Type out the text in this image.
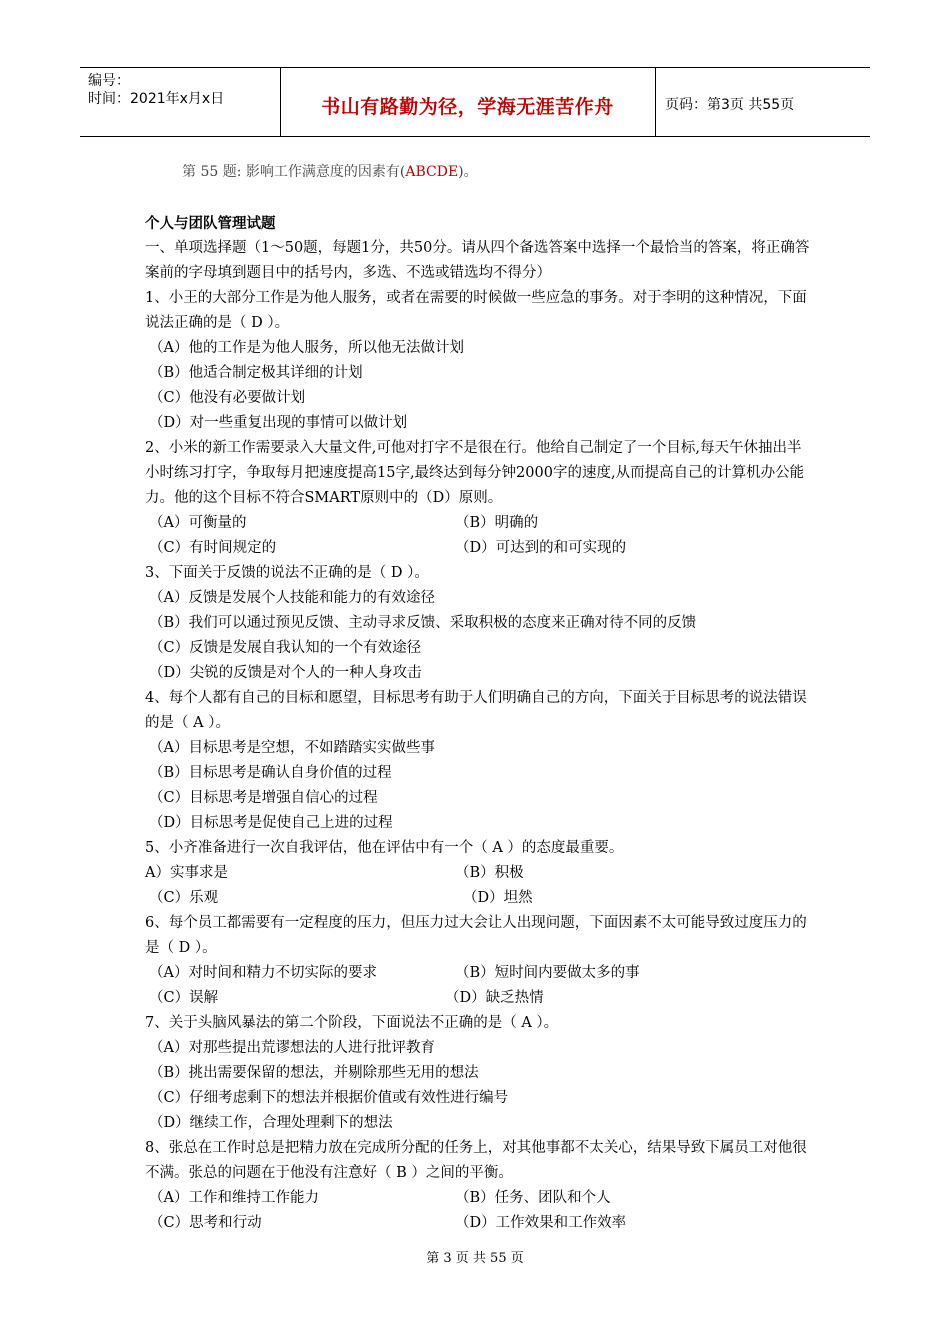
编号：
时间：2021年x月x日	书山有路勤为径，学海无涯苦作舟	页码：第3页 共55页
第 55 题: 影响工作满意度的因素有(ABCDE)。

个人与团队管理试题

一、单项选择题（1～50题，每题1分，共50分。请从四个备选答案中选择一个最恰当的答案，将正确答案前的字母填到题目中的括号内，多选、不选或错选均不得分）

1、小王的大部分工作是为他人服务，或者在需要的时候做一些应急的事务。对于李明的这种情况，下面说法正确的是（ D ）。

（A）他的工作是为他人服务，所以他无法做计划

（B）他适合制定极其详细的计划

（C）他没有必要做计划

（D）对一些重复出现的事情可以做计划

2、小米的新工作需要录入大量文件,可他对打字不是很在行。他给自己制定了一个目标,每天午休抽出半小时练习打字，争取每月把速度提高15字,最终达到每分钟2000字的速度,从而提高自己的计算机办公能力。他的这个目标不符合SMART原则中的（D）原则。

（A）可衡量的	（B）明确的
（C）有时间规定的	（D）可达到的和可实现的

3、下面关于反馈的说法不正确的是（ D ）。

（A）反馈是发展个人技能和能力的有效途径

（B）我们可以通过预见反馈、主动寻求反馈、采取积极的态度来正确对待不同的反馈

（C）反馈是发展自我认知的一个有效途径

（D）尖锐的反馈是对个人的一种人身攻击

4、每个人都有自己的目标和愿望，目标思考有助于人们明确自己的方向，下面关于目标思考的说法错误的是（ A ）。

（A）目标思考是空想，不如踏踏实实做些事

（B）目标思考是确认自身价值的过程

（C）目标思考是增强自信心的过程

（D）目标思考是促使自己上进的过程

5、小齐准备进行一次自我评估，他在评估中有一个（ A ）的态度最重要。

A）实事求是	（B）积极
（C）乐观	（D）坦然

6、每个员工都需要有一定程度的压力，但压力过大会让人出现问题，下面因素不太可能导致过度压力的是（ D ）。

（A）对时间和精力不切实际的要求	（B）短时间内要做太多的事
（C）误解	（D）缺乏热情

7、关于头脑风暴法的第二个阶段，下面说法不正确的是（ A ）。

（A）对那些提出荒谬想法的人进行批评教育

（B）挑出需要保留的想法，并剔除那些无用的想法

（C）仔细考虑剩下的想法并根据价值或有效性进行编号

（D）继续工作，合理处理剩下的想法

8、张总在工作时总是把精力放在完成所分配的任务上，对其他事都不太关心，结果导致下属员工对他很不满。张总的问题在于他没有注意好（ B ）之间的平衡。

（A）工作和维持工作能力	（B）任务、团队和个人
（C）思考和行动	（D）工作效果和工作效率
第 3 页 共 55 页
